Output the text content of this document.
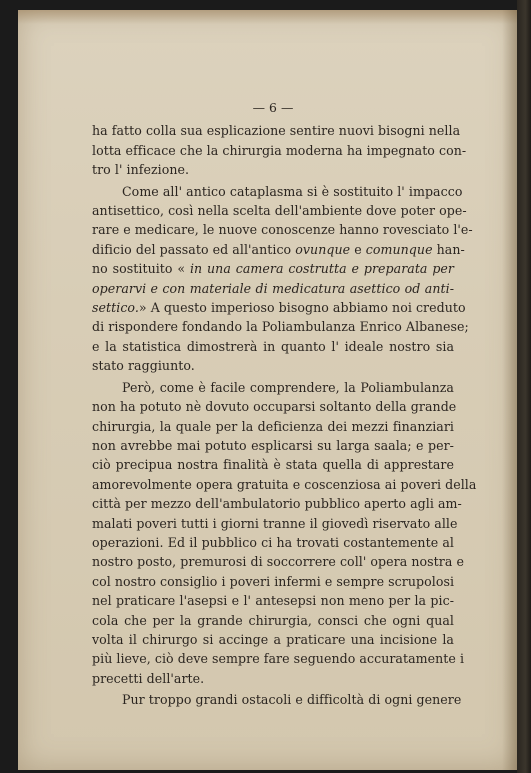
— 6 —
ha fatto colla sua esplicazione sentire nuovi bisogni nella
lotta efficace che la chirurgia moderna ha impegnato con-
tro l' infezione.
Come all' antico cataplasma si è sostituito l' impacco
antisettico, così nella scelta dell'ambiente dove poter ope-
rare e medicare, le nuove conoscenze hanno rovesciato l'e-
dificio del passato ed all'antico ovunque e comunque han-
no sostituito « in una camera costrutta e preparata per
operarvi e con materiale di medicatura asettico od anti-
settico.» A questo imperioso bisogno abbiamo noi creduto
di rispondere fondando la Poliambulanza Enrico Albanese;
e la statistica dimostrerà in quanto l' ideale nostro sia
stato raggiunto.
Però, come è facile comprendere, la Poliambulanza
non ha potuto nè dovuto occuparsi soltanto della grande
chirurgia, la quale per la deficienza dei mezzi finanziari
non avrebbe mai potuto esplicarsi su larga saala; e per-
ciò precipua nostra finalità è stata quella di apprestare
amorevolmente opera gratuita e coscenziosa ai poveri della
città per mezzo dell'ambulatorio pubblico aperto agli am-
malati poveri tutti i giorni tranne il giovedì riservato alle
operazioni. Ed il pubblico ci ha trovati costantemente al
nostro posto, premurosi di soccorrere coll' opera nostra e
col nostro consiglio i poveri infermi e sempre scrupolosi
nel praticare l'asepsi e l' antesepsi non meno per la pic-
cola che per la grande chirurgia, consci che ogni qual
volta il chirurgo si accinge a praticare una incisione la
più lieve, ciò deve sempre fare seguendo accuratamente i
precetti dell'arte.
Pur troppo grandi ostacoli e difficoltà di ogni genere
